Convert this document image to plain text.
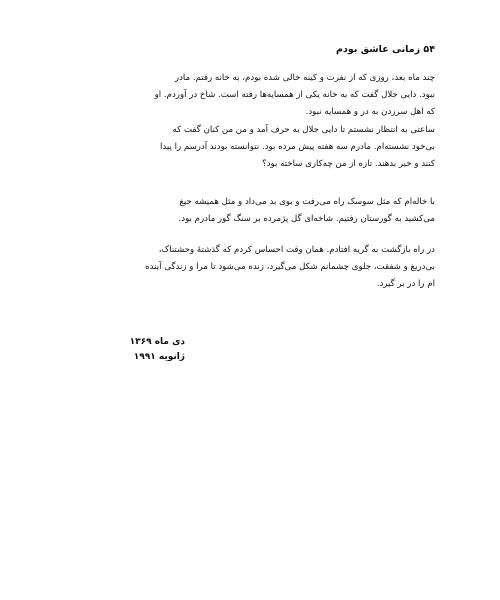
۵۴ زمانی عاشق بودم

چند ماه بعد، روزی که از نفرت و کینه خالی شده بودم، به خانه رفتم. مادر
نبود. دایی جلال گفت که به خانه یکی از همسایه‌ها رفته است. شاخ در آوردم. او
که اهل سرزدن به در و همسایه نبود.
ساعتی به انتظار نشستم تا دایی جلال به حرف آمد و من من کنان گفت که
بی‌خود نشسته‌ام. مادرم سه هفته پیش مرده بود. نتوانسته بودند آدرسم را پیدا
کنند و خبر بدهند. تازه از من چه‌کاری ساخته بود؟

با خاله‌ام که مثل سوسک راه می‌رفت و بوی بد می‌داد و مثل همیشه جیغ
می‌کشید به گورستان رفتیم. شاخه‌ای گل پژمرده بر سنگ گور مادرم بود.

در راه بازگشت به گریه افتادم. همان وقت احساس کردم که گذشتهٔ وحشتناک،
بی‌دریغ و شفقت، جلوی چشمانم شکل می‌گیرد، زنده می‌شود تا مرا و زندگی آینده
ام را در بر گیرد.

دی ماه ۱۳۶۹

ژانویه ۱۹۹۱
